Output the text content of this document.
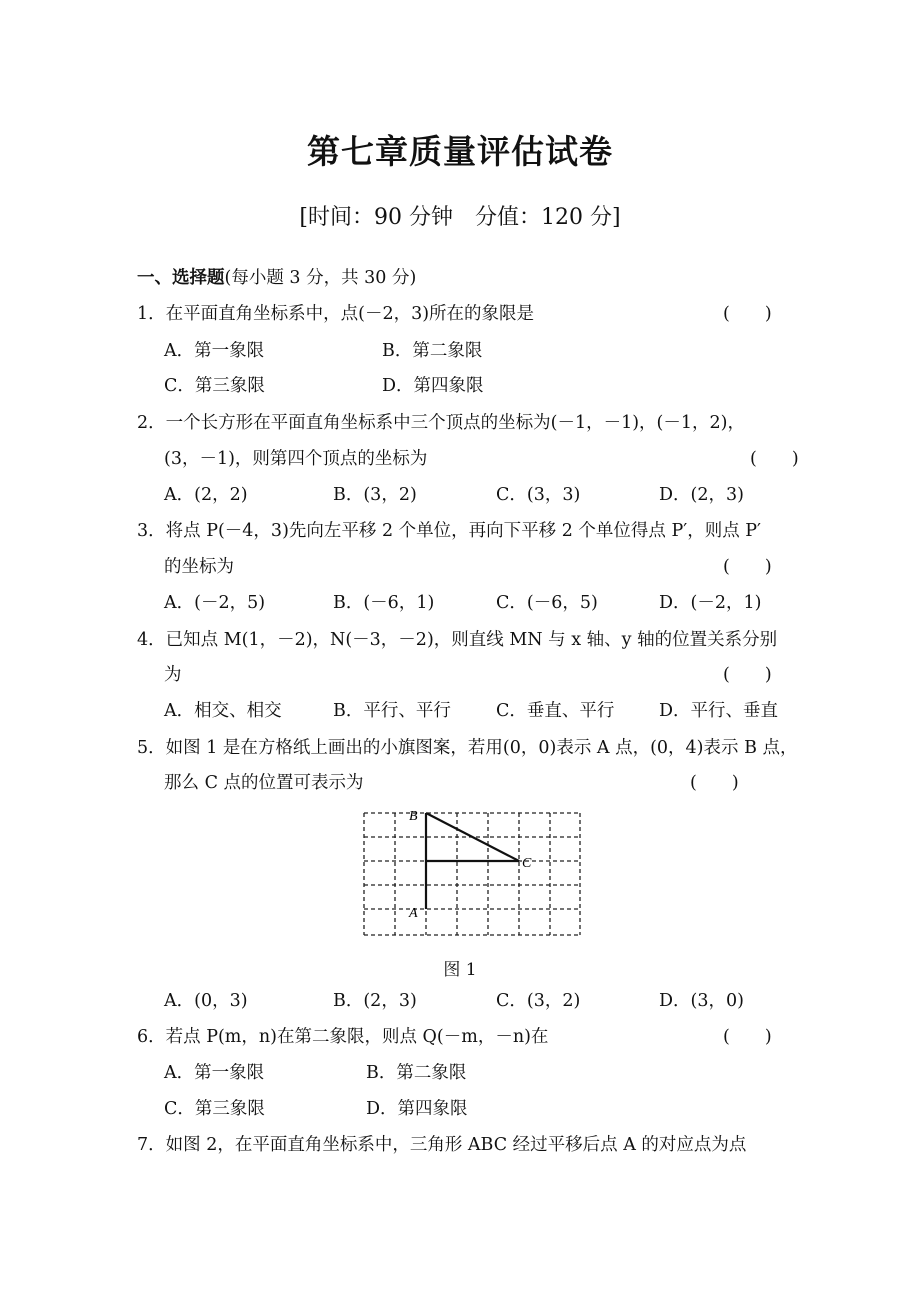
第七章质量评估试卷
[时间：90 分钟　分值：120 分]
一、选择题(每小题 3 分，共 30 分)
1．在平面直角坐标系中，点(－2，3)所在的象限是	(　　)
A．第一象限	B．第二象限
C．第三象限	D．第四象限
2．一个长方形在平面直角坐标系中三个顶点的坐标为(－1，－1)，(－1，2)，
(3，－1)，则第四个顶点的坐标为	(　　)
A．(2，2)	B．(3，2)	C．(3，3)	D．(2，3)
3．将点 P(－4，3)先向左平移 2 个单位，再向下平移 2 个单位得点 P′，则点 P′
的坐标为	(　　)
A．(－2，5)	B．(－6，1)	C．(－6，5)	D．(－2，1)
4．已知点 M(1，－2)，N(－3，－2)，则直线 MN 与 x 轴、y 轴的位置关系分别
为	(　　)
A．相交、相交	B．平行、平行	C．垂直、平行	D．平行、垂直
5．如图 1 是在方格纸上画出的小旗图案，若用(0，0)表示 A 点，(0，4)表示 B 点，
那么 C 点的位置可表示为	(　　)
B
C
A
图 1
A．(0，3)	B．(2，3)	C．(3，2)	D．(3，0)
6．若点 P(m，n)在第二象限，则点 Q(－m，－n)在	(　　)
A．第一象限	B．第二象限
C．第三象限	D．第四象限
7．如图 2，在平面直角坐标系中，三角形 ABC 经过平移后点 A 的对应点为点
